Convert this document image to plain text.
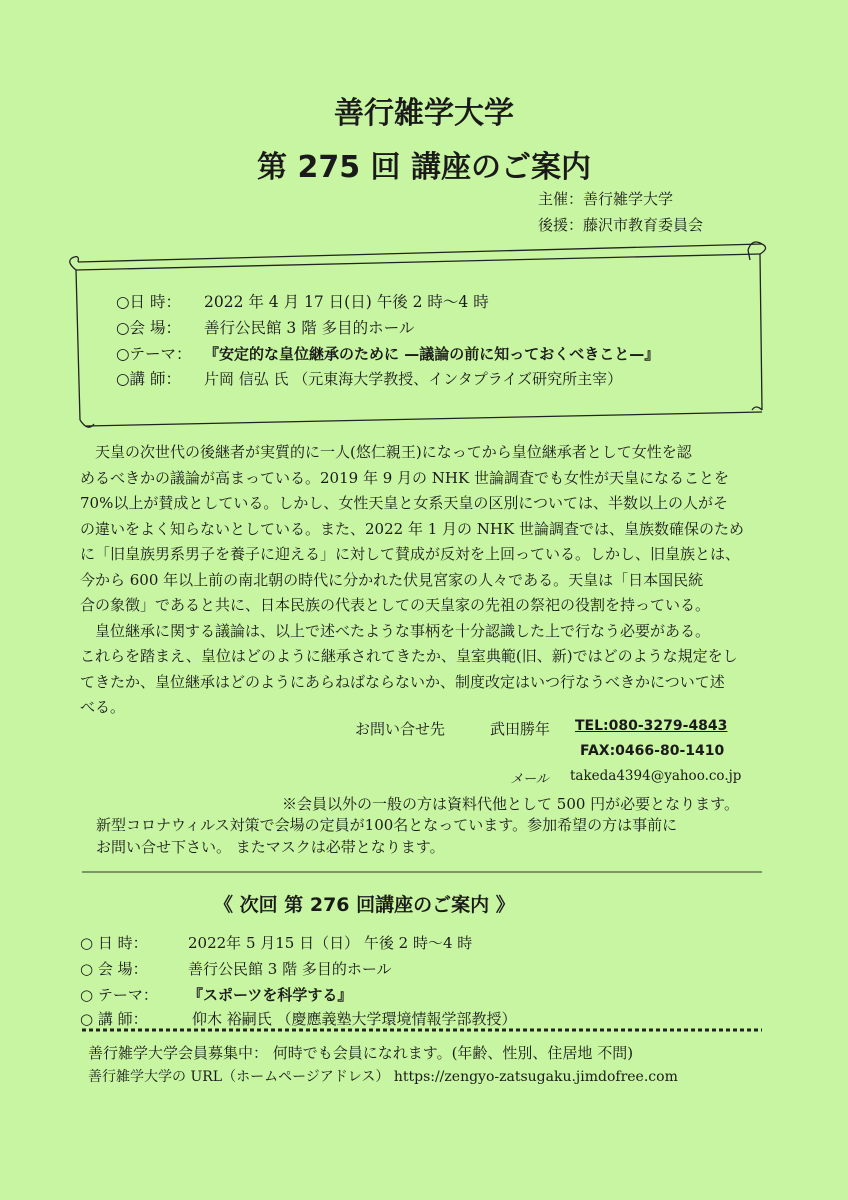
善行雑学大学
第 275 回 講座のご案内
主催：善行雑学大学
後援：藤沢市教育委員会
○日 時： 2022 年 4 月 17 日(日) 午後 2 時～4 時
○会 場： 善行公民館 3 階 多目的ホール
○テーマ： 『安定的な皇位継承のために —議論の前に知っておくべきこと—』
○講 師： 片岡 信弘 氏 （元東海大学教授、インタプライズ研究所主宰）

　天皇の次世代の後継者が実質的に一人(悠仁親王)になってから皇位継承者として女性を認

めるべきかの議論が高まっている。2019 年 9 月の NHK 世論調査でも女性が天皇になることを

70%以上が賛成としている。しかし、女性天皇と女系天皇の区別については、半数以上の人がそ

の違いをよく知らないとしている。また、2022 年 1 月の NHK 世論調査では、皇族数確保のため

に「旧皇族男系男子を養子に迎える」に対して賛成が反対を上回っている。しかし、旧皇族とは、

今から 600 年以上前の南北朝の時代に分かれた伏見宮家の人々である。天皇は「日本国民統

合の象徴」であると共に、日本民族の代表としての天皇家の先祖の祭祀の役割を持っている。

　皇位継承に関する議論は、以上で述べたような事柄を十分認識した上で行なう必要がある。

これらを踏まえ、皇位はどのように継承されてきたか、皇室典範(旧、新)ではどのような規定をし

てきたか、皇位継承はどのようにあらねばならないか、制度改定はいつ行なうべきかについて述

べる。

お問い合せ先	武田勝年 TEL:080-3279-4843
FAX:0466-80-1410
メール takeda4394@yahoo.co.jp
※会員以外の一般の方は資料代他として 500 円が必要となります。
新型コロナウィルス対策で会場の定員が100名となっています。参加希望の方は事前に
お問い合せ下さい。 またマスクは必帯となります。
《 次回 第 276 回講座のご案内 》
○ 日 時：	2022年 5 月15 日（日） 午後 2 時～4 時
○ 会 場：	善行公民館 3 階 多目的ホール
○ テーマ： 『スポーツを科学する』
○ 講 師：	仰木 裕嗣氏 （慶應義塾大学環境情報学部教授）
善行雑学大学会員募集中： 何時でも会員になれます。(年齢、性別、住居地 不問)
善行雑学大学の URL（ホームページアドレス） https://zengyo-zatsugaku.jimdofree.com
